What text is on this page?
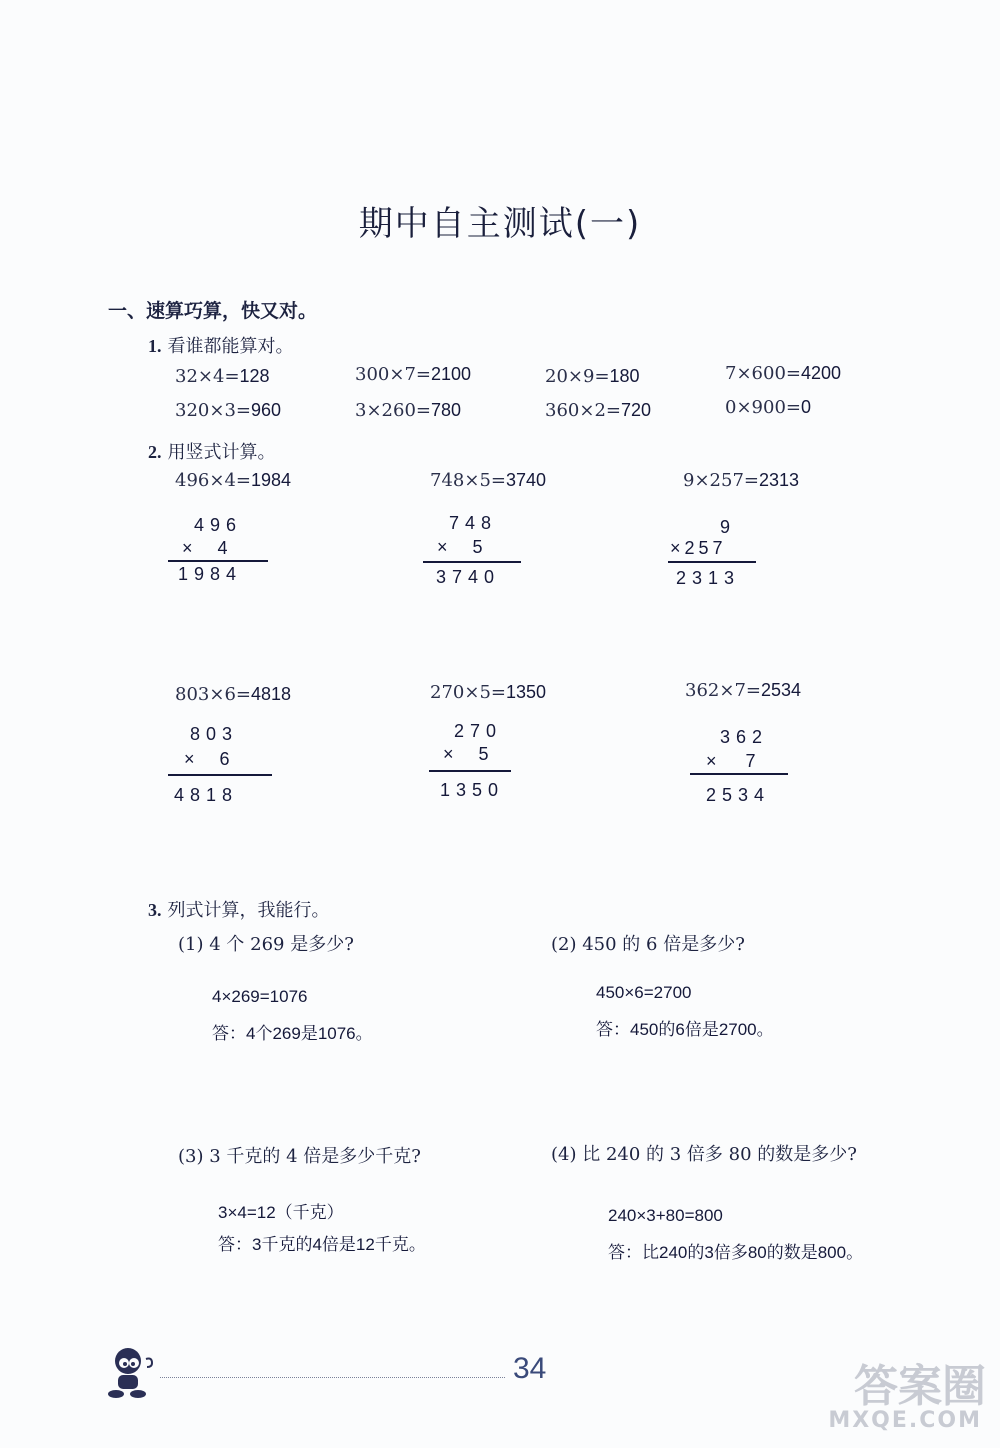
期中自主测试(一)
一、速算巧算，快又对。
1. 看谁都能算对。
32×4=128	300×7=2100	20×9=180	7×600=4200
320×3=960	3×260=780	360×2=720	0×900=0
2. 用竖式计算。
496×4=1984
496
× 4
1984
748×5=3740
748
× 5
3740
9×257=2313
9
×257
2313
803×6=4818
803
× 6
4818
270×5=1350
270
× 5
1350
362×7=2534
362
× 7
2534
3. 列式计算，我能行。
(1) 4 个 269 是多少?
4×269=1076
答：4个269是1076。
(2) 450 的 6 倍是多少?
450×6=2700
答：450的6倍是2700。
(3) 3 千克的 4 倍是多少千克?
3×4=12（千克）
答：3千克的4倍是12千克。
(4) 比 240 的 3 倍多 80 的数是多少?
240×3+80=800
答：比240的3倍多80的数是800。
34	答案圈
MXQE.COM
